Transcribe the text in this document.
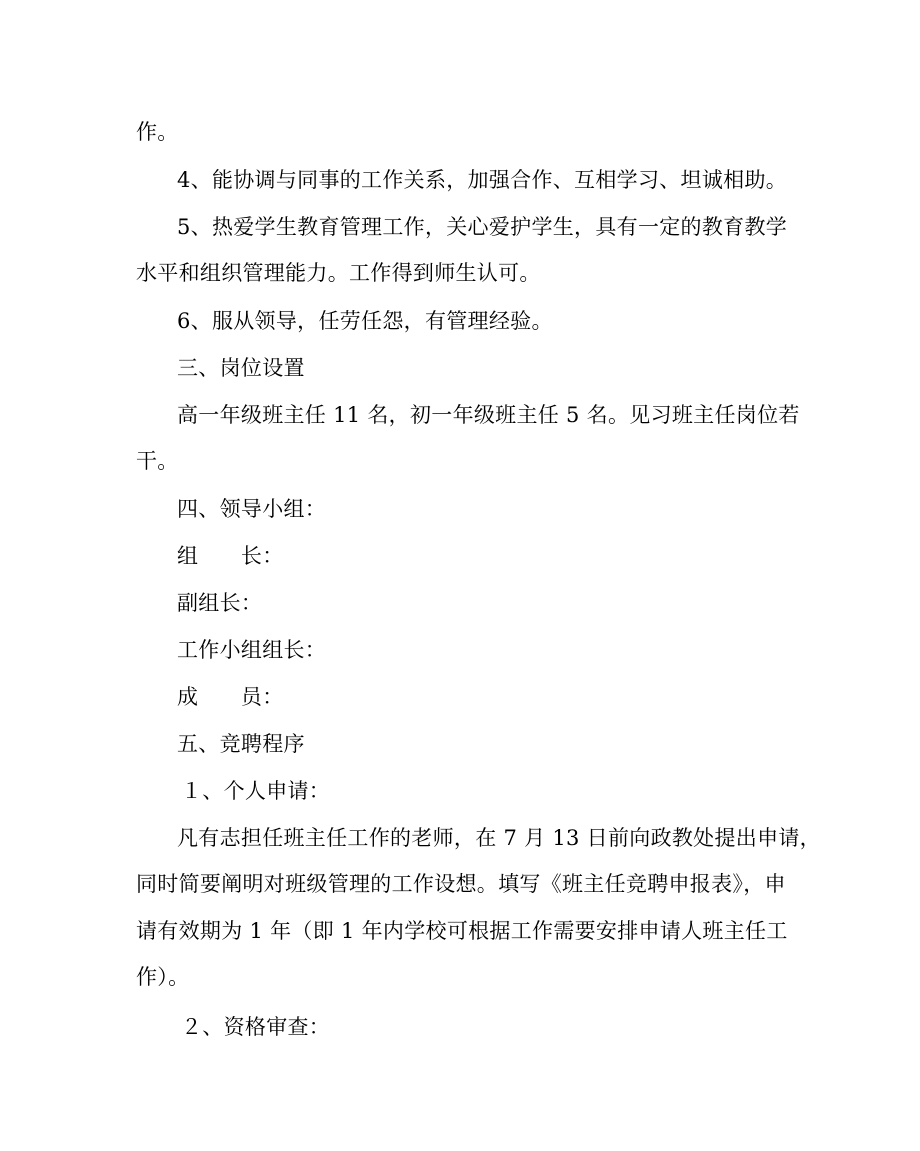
作。
4、能协调与同事的工作关系，加强合作、互相学习、坦诚相助。
5、热爱学生教育管理工作，关心爱护学生，具有一定的教育教学
水平和组织管理能力。工作得到师生认可。
6、服从领导，任劳任怨，有管理经验。
三、岗位设置
高一年级班主任 11 名，初一年级班主任 5 名。见习班主任岗位若
干。
四、领导小组：
组　　长：
副组长：
工作小组组长：
成　　员：
五、竞聘程序
１、个人申请：
凡有志担任班主任工作的老师，在 7 月 13 日前向政教处提出申请，
同时简要阐明对班级管理的工作设想。填写《班主任竞聘申报表》，申
请有效期为 1 年（即 1 年内学校可根据工作需要安排申请人班主任工
作）。
２、资格审查：
